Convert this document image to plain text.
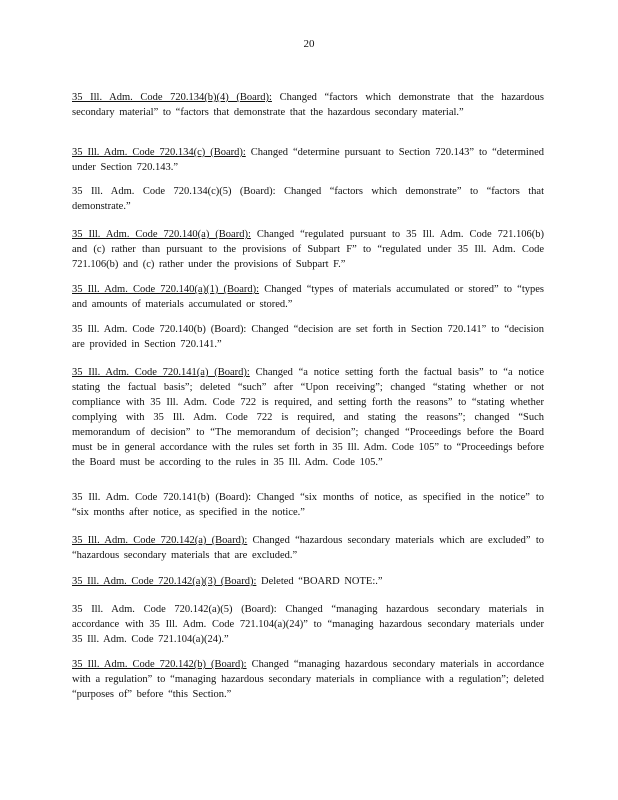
20
35 Ill. Adm. Code 720.134(b)(4) (Board): Changed “factors which demonstrate that the hazardous secondary material” to “factors that demonstrate that the hazardous secondary material.”
35 Ill. Adm. Code 720.134(c) (Board): Changed “determine pursuant to Section 720.143” to “determined under Section 720.143.”
35 Ill. Adm. Code 720.134(c)(5) (Board): Changed “factors which demonstrate” to “factors that demonstrate.”
35 Ill. Adm. Code 720.140(a) (Board): Changed “regulated pursuant to 35 Ill. Adm. Code 721.106(b) and (c) rather than pursuant to the provisions of Subpart F” to “regulated under 35 Ill. Adm. Code 721.106(b) and (c) rather under the provisions of Subpart F.”
35 Ill. Adm. Code 720.140(a)(1) (Board): Changed “types of materials accumulated or stored” to “types and amounts of materials accumulated or stored.”
35 Ill. Adm. Code 720.140(b) (Board): Changed “decision are set forth in Section 720.141” to “decision are provided in Section 720.141.”
35 Ill. Adm. Code 720.141(a) (Board): Changed “a notice setting forth the factual basis” to “a notice stating the factual basis”; deleted “such” after “Upon receiving”; changed “stating whether or not compliance with 35 Ill. Adm. Code 722 is required, and setting forth the reasons” to “stating whether complying with 35 Ill. Adm. Code 722 is required, and stating the reasons”; changed “Such memorandum of decision” to “The memorandum of decision”; changed “Proceedings before the Board must be in general accordance with the rules set forth in 35 Ill. Adm. Code 105” to “Proceedings before the Board must be according to the rules in 35 Ill. Adm. Code 105.”
35 Ill. Adm. Code 720.141(b) (Board): Changed “six months of notice, as specified in the notice” to “six months after notice, as specified in the notice.”
35 Ill. Adm. Code 720.142(a) (Board): Changed “hazardous secondary materials which are excluded” to “hazardous secondary materials that are excluded.”
35 Ill. Adm. Code 720.142(a)(3) (Board): Deleted “BOARD NOTE:.”
35 Ill. Adm. Code 720.142(a)(5) (Board): Changed “managing hazardous secondary materials in accordance with 35 Ill. Adm. Code 721.104(a)(24)” to “managing hazardous secondary materials under 35 Ill. Adm. Code 721.104(a)(24).”
35 Ill. Adm. Code 720.142(b) (Board): Changed “managing hazardous secondary materials in accordance with a regulation” to “managing hazardous secondary materials in compliance with a regulation”; deleted “purposes of” before “this Section.”
